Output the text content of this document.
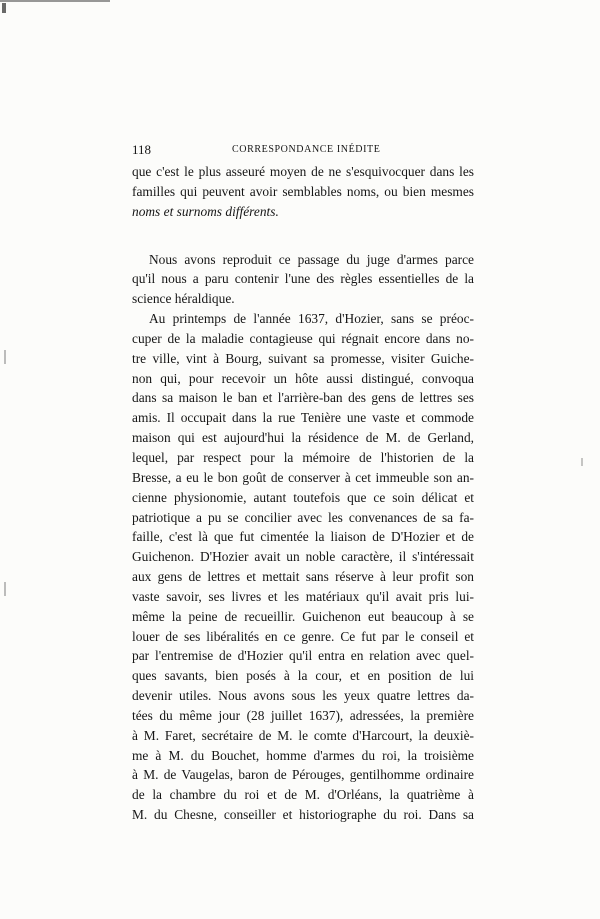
118	CORRESPONDANCE INÉDITE
que c'est le plus asseuré moyen de ne s'esquivocquer dans les
familles qui peuvent avoir semblables noms, ou bien mesmes
noms et surnoms différents.
Nous avons reproduit ce passage du juge d'armes parce
qu'il nous a paru contenir l'une des règles essentielles de la
science héraldique.
Au printemps de l'année 1637, d'Hozier, sans se préoc-
cuper de la maladie contagieuse qui régnait encore dans no-
tre ville, vint à Bourg, suivant sa promesse, visiter Guiche-
non qui, pour recevoir un hôte aussi distingué, convoqua
dans sa maison le ban et l'arrière-ban des gens de lettres ses
amis. Il occupait dans la rue Tenière une vaste et commode
maison qui est aujourd'hui la résidence de M. de Gerland,
lequel, par respect pour la mémoire de l'historien de la
Bresse, a eu le bon goût de conserver à cet immeuble son an-
cienne physionomie, autant toutefois que ce soin délicat et
patriotique a pu se concilier avec les convenances de sa fa-
faille, c'est là que fut cimentée la liaison de D'Hozier et de
Guichenon. D'Hozier avait un noble caractère, il s'intéressait
aux gens de lettres et mettait sans réserve à leur profit son
vaste savoir, ses livres et les matériaux qu'il avait pris lui-
même la peine de recueillir. Guichenon eut beaucoup à se
louer de ses libéralités en ce genre. Ce fut par le conseil et
par l'entremise de d'Hozier qu'il entra en relation avec quel-
ques savants, bien posés à la cour, et en position de lui
devenir utiles. Nous avons sous les yeux quatre lettres da-
tées du même jour (28 juillet 1637), adressées, la première
à M. Faret, secrétaire de M. le comte d'Harcourt, la deuxiè-
me à M. du Bouchet, homme d'armes du roi, la troisième
à M. de Vaugelas, baron de Pérouges, gentilhomme ordinaire
de la chambre du roi et de M. d'Orléans, la quatrième à
M. du Chesne, conseiller et historiographe du roi. Dans sa
